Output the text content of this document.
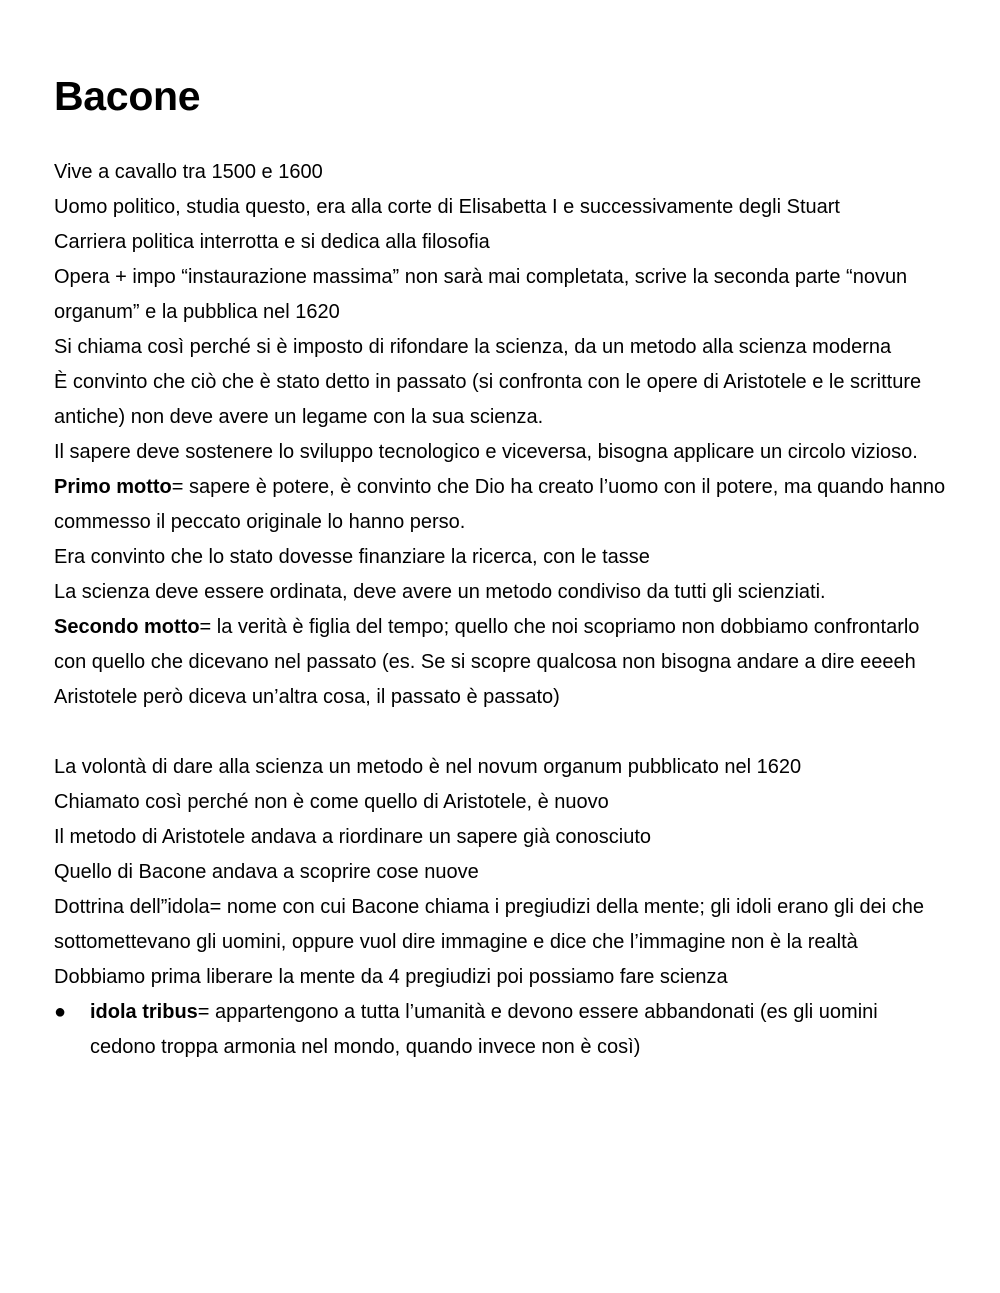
Bacone

Vive a cavallo tra 1500 e 1600

Uomo politico, studia questo, era alla corte di Elisabetta I e successivamente degli Stuart

Carriera politica interrotta e si dedica alla filosofia

Opera + impo “instaurazione massima” non sarà mai completata, scrive la seconda parte “novun organum” e la pubblica nel 1620

Si chiama così perché si è imposto di rifondare la scienza, da un metodo alla scienza moderna

È convinto che ciò che è stato detto in passato (si confronta con le opere di Aristotele e le scritture antiche) non deve avere un legame con la sua scienza.

Il sapere deve sostenere lo sviluppo tecnologico e viceversa, bisogna applicare un circolo vizioso.

Primo motto= sapere è potere, è convinto che Dio ha creato l’uomo con il potere, ma quando hanno commesso il peccato originale lo hanno perso.

Era convinto che lo stato dovesse finanziare la ricerca, con le tasse

La scienza deve essere ordinata, deve avere un metodo condiviso da tutti gli scienziati.

Secondo motto= la verità è figlia del tempo; quello che noi scopriamo non dobbiamo confrontarlo con quello che dicevano nel passato (es. Se si scopre qualcosa non bisogna andare a dire eeeeh Aristotele però diceva un’altra cosa, il passato è passato)

La volontà di dare alla scienza un metodo è nel novum organum pubblicato nel 1620

Chiamato così perché non è come quello di Aristotele, è nuovo

Il metodo di Aristotele andava a riordinare un sapere già conosciuto

Quello di Bacone andava a scoprire cose nuove

Dottrina dell”idola= nome con cui Bacone chiama i pregiudizi della mente; gli idoli erano gli dei che sottomettevano gli uomini, oppure vuol dire immagine e dice che l’immagine non è la realtà

Dobbiamo prima liberare la mente da 4 pregiudizi poi possiamo fare scienza

● idola tribus= appartengono a tutta l’umanità e devono essere abbandonati (es gli uomini cedono troppa armonia nel mondo, quando invece non è così)
